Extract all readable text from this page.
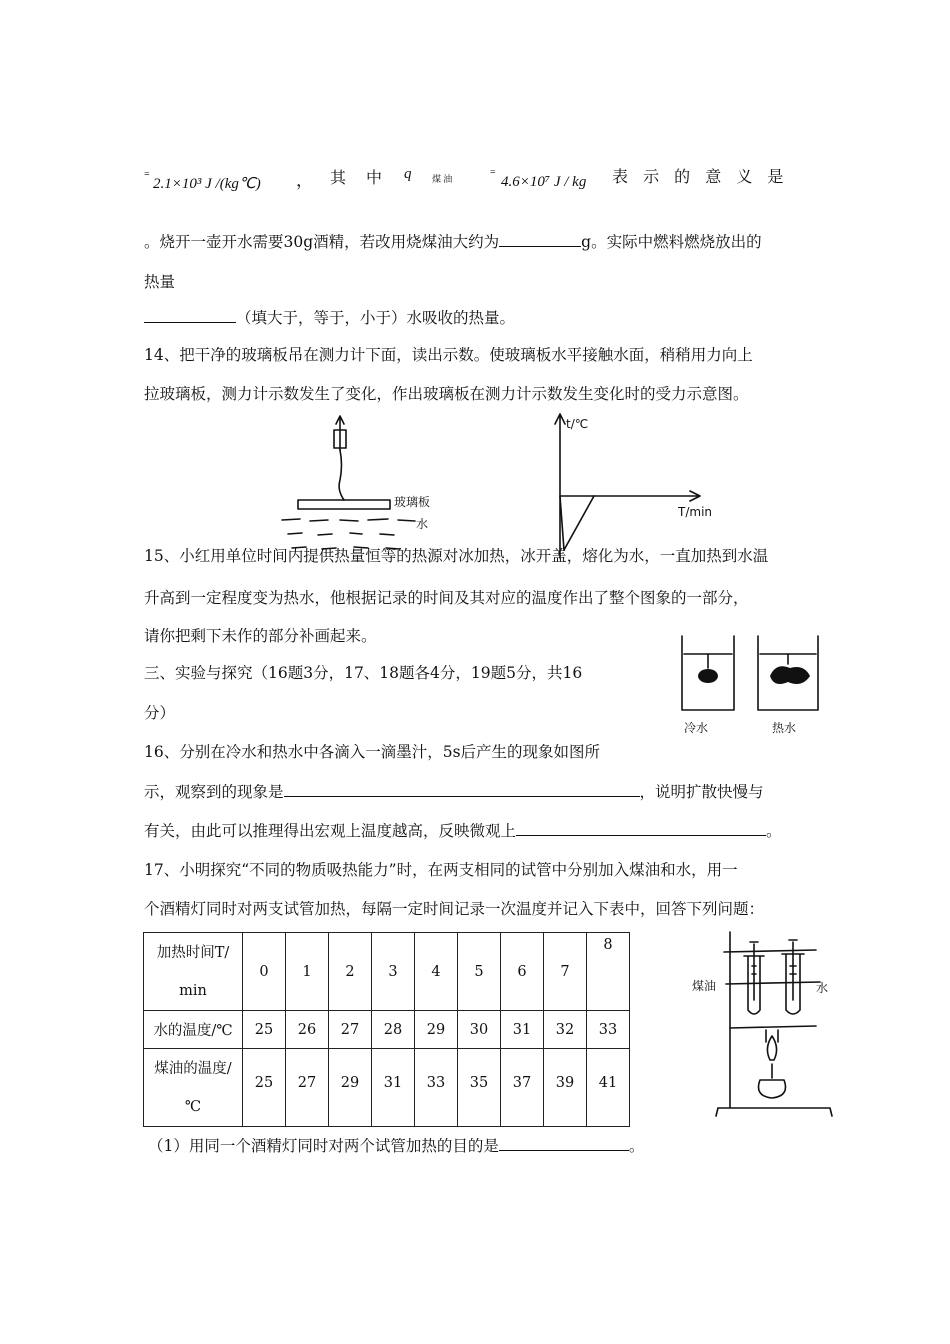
=
2.1×10³ J /(kg℃) ， 其 中 q 煤 油
=
4.6×10⁷ J / kg 表 示 的 意 义 是
。烧开一壶开水需要30g酒精，若改用烧煤油大约为	g。实际中燃料燃烧放出的
热量
（填大于，等于，小于）水吸收的热量。
14、把干净的玻璃板吊在测力计下面，读出示数。使玻璃板水平接触水面，稍稍用力向上
拉玻璃板，测力计示数发生了变化，作出玻璃板在测力计示数发生变化时的受力示意图。
玻璃板
水
t/℃
T/min
15、小红用单位时间内提供热量恒等的热源对冰加热，冰开盖，熔化为水，一直加热到水温
升高到一定程度变为热水，他根据记录的时间及其对应的温度作出了整个图象的一部分，
请你把剩下未作的部分补画起来。
三、实验与探究（16题3分，17、18题各4分，19题5分，共16
分）
冷水	热水
16、分别在冷水和热水中各滴入一滴墨汁，5s后产生的现象如图所
示，观察到的现象是	，说明扩散快慢与
有关，由此可以推理得出宏观上温度越高，反映微观上	。
17、小明探究“不同的物质吸热能力”时，在两支相同的试管中分别加入煤油和水，用一
个酒精灯同时对两支试管加热，每隔一定时间记录一次温度并记入下表中，回答下列问题：
加热时间T/
min	0	1	2	3	4	5	6	7	8
水的温度/℃	25	26	27	28	29	30	31	32	33

煤油的温度/
℃	25	27	29	31	33	35	37	39	41
煤油	水
（1）用同一个酒精灯同时对两个试管加热的目的是	。
